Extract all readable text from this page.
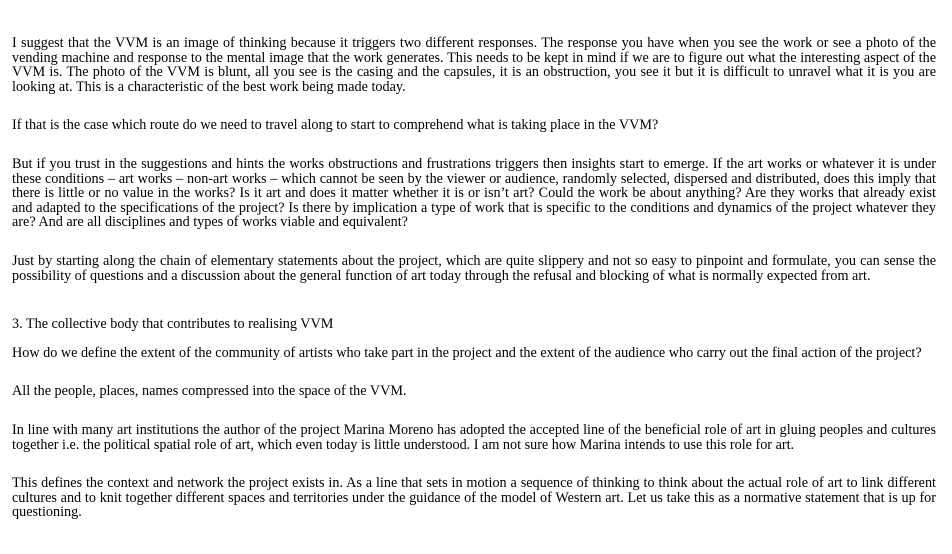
I suggest that the VVM is an image of thinking because it triggers two different responses. The response you have when you see the work or see a photo of the vending machine and response to the mental image that the work generates. This needs to be kept in mind if we are to figure out what the interesting aspect of the VVM is. The photo of the VVM is blunt, all you see is the casing and the capsules, it is an obstruction, you see it but it is difficult to unravel what it is you are looking at. This is a characteristic of the best work being made today.

If that is the case which route do we need to travel along to start to comprehend what is taking place in the VVM?

But if you trust in the suggestions and hints the works obstructions and frustrations triggers then insights start to emerge. If the art works or whatever it is under these conditions – art works – non-art works – which cannot be seen by the viewer or audience, randomly selected, dispersed and distributed, does this imply that there is little or no value in the works? Is it art and does it matter whether it is or isn’t art? Could the work be about anything? Are they works that already exist and adapted to the specifications of the project? Is there by implication a type of work that is specific to the conditions and dynamics of the project whatever they are? And are all disciplines and types of works viable and equivalent?

Just by starting along the chain of elementary statements about the project, which are quite slippery and not so easy to pinpoint and formulate, you can sense the possibility of questions and a discussion about the general function of art today through the refusal and blocking of what is normally expected from art.

3. The collective body that contributes to realising VVM

How do we define the extent of the community of artists who take part in the project and the extent of the audience who carry out the final action of the project?

All the people, places, names compressed into the space of the VVM.

In line with many art institutions the author of the project Marina Moreno has adopted the accepted line of the beneficial role of art in gluing peoples and cultures together i.e. the political spatial role of art, which even today is little understood. I am not sure how Marina intends to use this role for art.

This defines the context and network the project exists in. As a line that sets in motion a sequence of thinking to think about the actual role of art to link different cultures and to knit together different spaces and territories under the guidance of the model of Western art. Let us take this as a normative statement that is up for questioning.
